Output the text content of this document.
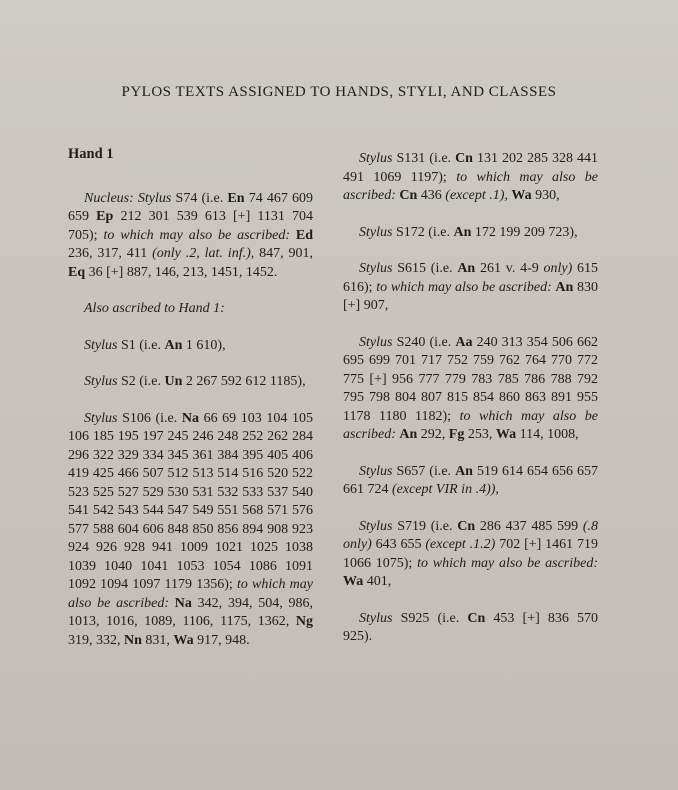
PYLOS TEXTS ASSIGNED TO HANDS, STYLI, AND CLASSES
Hand 1
Nucleus: Stylus S74 (i.e. En 74 467 609 659 Ep 212 301 539 613 [+] 1131 704 705); to which may also be ascribed: Ed 236, 317, 411 (only .2, lat. inf.), 847, 901, Eq 36 [+] 887, 146, 213, 1451, 1452.
Also ascribed to Hand 1:
Stylus S1 (i.e. An 1 610),
Stylus S2 (i.e. Un 2 267 592 612 1185),
Stylus S106 (i.e. Na 66 69 103 104 105 106 185 195 197 245 246 248 252 262 284 296 322 329 334 345 361 384 395 405 406 419 425 466 507 512 513 514 516 520 522 523 525 527 529 530 531 532 533 537 540 541 542 543 544 547 549 551 568 571 576 577 588 604 606 848 850 856 894 908 923 924 926 928 941 1009 1021 1025 1038 1039 1040 1041 1053 1054 1086 1091 1092 1094 1097 1179 1356); to which may also be ascribed: Na 342, 394, 504, 986, 1013, 1016, 1089, 1106, 1175, 1362, Ng 319, 332, Nn 831, Wa 917, 948.
Stylus S131 (i.e. Cn 131 202 285 328 441 491 1069 1197); to which may also be ascribed: Cn 436 (except .1), Wa 930,
Stylus S172 (i.e. An 172 199 209 723),
Stylus S615 (i.e. An 261 v. 4-9 only) 615 616); to which may also be ascribed: An 830 [+] 907,
Stylus S240 (i.e. Aa 240 313 354 506 662 695 699 701 717 752 759 762 764 770 772 775 [+] 956 777 779 783 785 786 788 792 795 798 804 807 815 854 860 863 891 955 1178 1180 1182); to which may also be ascribed: An 292, Fg 253, Wa 114, 1008,
Stylus S657 (i.e. An 519 614 654 656 657 661 724 (except VIR in .4)),
Stylus S719 (i.e. Cn 286 437 485 599 (.8 only) 643 655 (except .1.2) 702 [+] 1461 719 1066 1075); to which may also be ascribed: Wa 401,
Stylus S925 (i.e. Cn 453 [+] 836 570 925).
